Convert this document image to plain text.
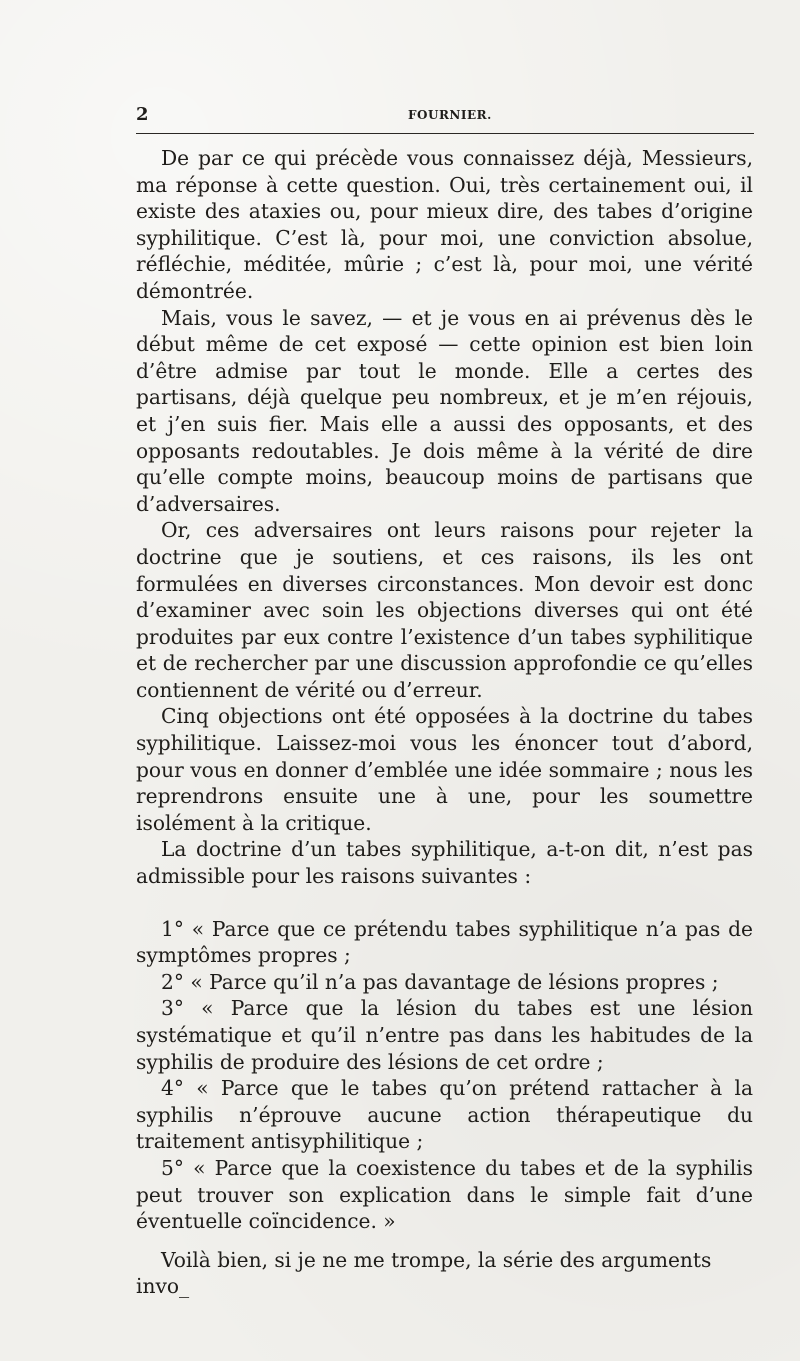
2	FOURNIER.

De par ce qui précède vous connaissez déjà, Messieurs, ma réponse à cette question. Oui, très certainement oui, il existe des ataxies ou, pour mieux dire, des tabes d’origine syphilitique. C’est là, pour moi, une conviction absolue, réfléchie, méditée, mûrie ; c’est là, pour moi, une vérité démontrée.

Mais, vous le savez, — et je vous en ai prévenus dès le début même de cet exposé — cette opinion est bien loin d’être admise par tout le monde. Elle a certes des partisans, déjà quelque peu nombreux, et je m’en réjouis, et j’en suis fier. Mais elle a aussi des opposants, et des opposants redoutables. Je dois même à la vérité de dire qu’elle compte moins, beaucoup moins de partisans que d’adversaires.

Or, ces adversaires ont leurs raisons pour rejeter la doctrine que je soutiens, et ces raisons, ils les ont formulées en diverses circonstances. Mon devoir est donc d’examiner avec soin les objections diverses qui ont été produites par eux contre l’existence d’un tabes syphilitique et de rechercher par une discussion approfondie ce qu’elles contiennent de vérité ou d’erreur.

Cinq objections ont été opposées à la doctrine du tabes syphilitique. Laissez-moi vous les énoncer tout d’abord, pour vous en donner d’emblée une idée sommaire ; nous les reprendrons ensuite une à une, pour les soumettre isolément à la critique.

La doctrine d’un tabes syphilitique, a-t-on dit, n’est pas admissible pour les raisons suivantes :

1° « Parce que ce prétendu tabes syphilitique n’a pas de symptômes propres ;

2° « Parce qu’il n’a pas davantage de lésions propres ;

3° « Parce que la lésion du tabes est une lésion systématique et qu’il n’entre pas dans les habitudes de la syphilis de produire des lésions de cet ordre ;

4° « Parce que le tabes qu’on prétend rattacher à la syphilis n’éprouve aucune action thérapeutique du traitement antisyphilitique ;

5° « Parce que la coexistence du tabes et de la syphilis peut trouver son explication dans le simple fait d’une éventuelle coïncidence. »

Voilà bien, si je ne me trompe, la série des arguments invo_
